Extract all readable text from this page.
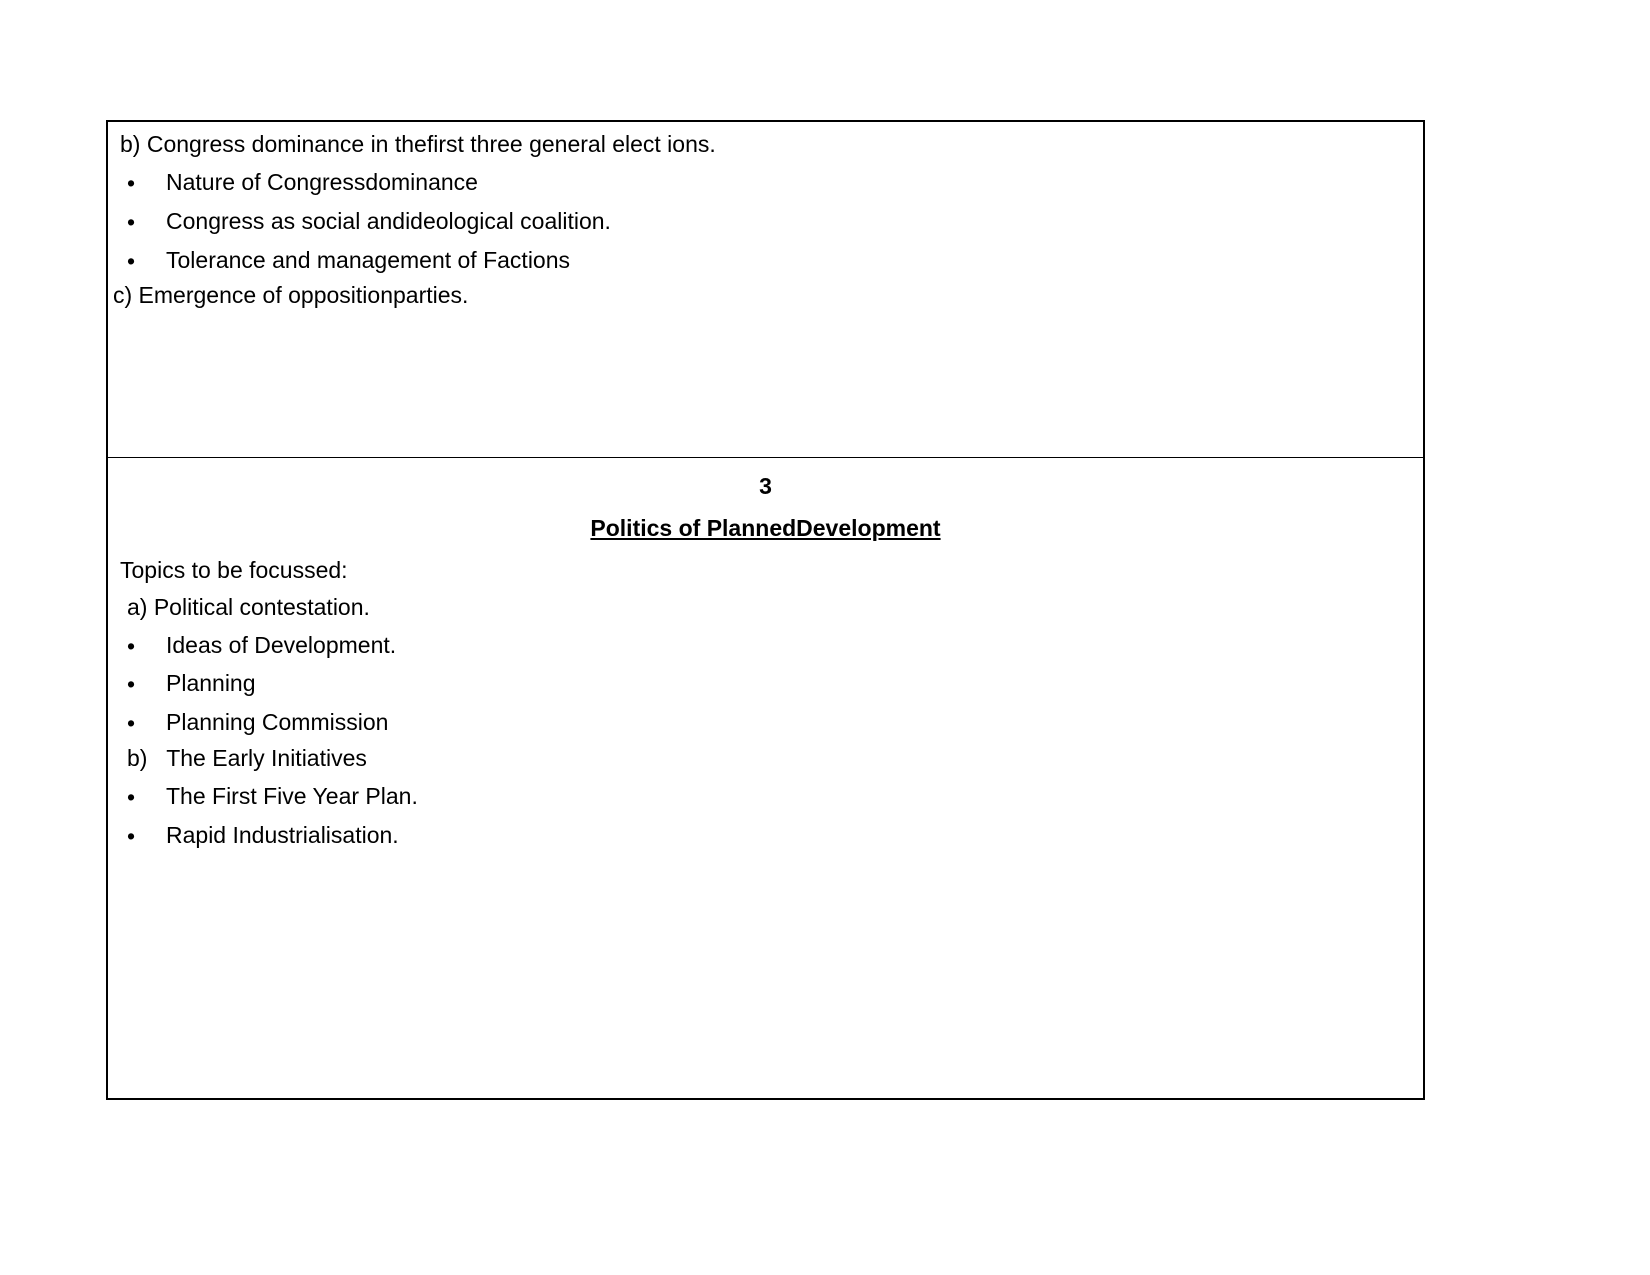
b) Congress dominance in thefirst three general elect ions.
• Nature of Congressdominance
• Congress as social andideological coalition.
• Tolerance and management of Factions
c) Emergence of oppositionparties.
3
Politics of PlannedDevelopment
Topics to be focussed:
a) Political contestation.
• Ideas of Development.
• Planning
• Planning Commission
b)   The Early Initiatives
• The First Five Year Plan.
• Rapid Industrialisation.
